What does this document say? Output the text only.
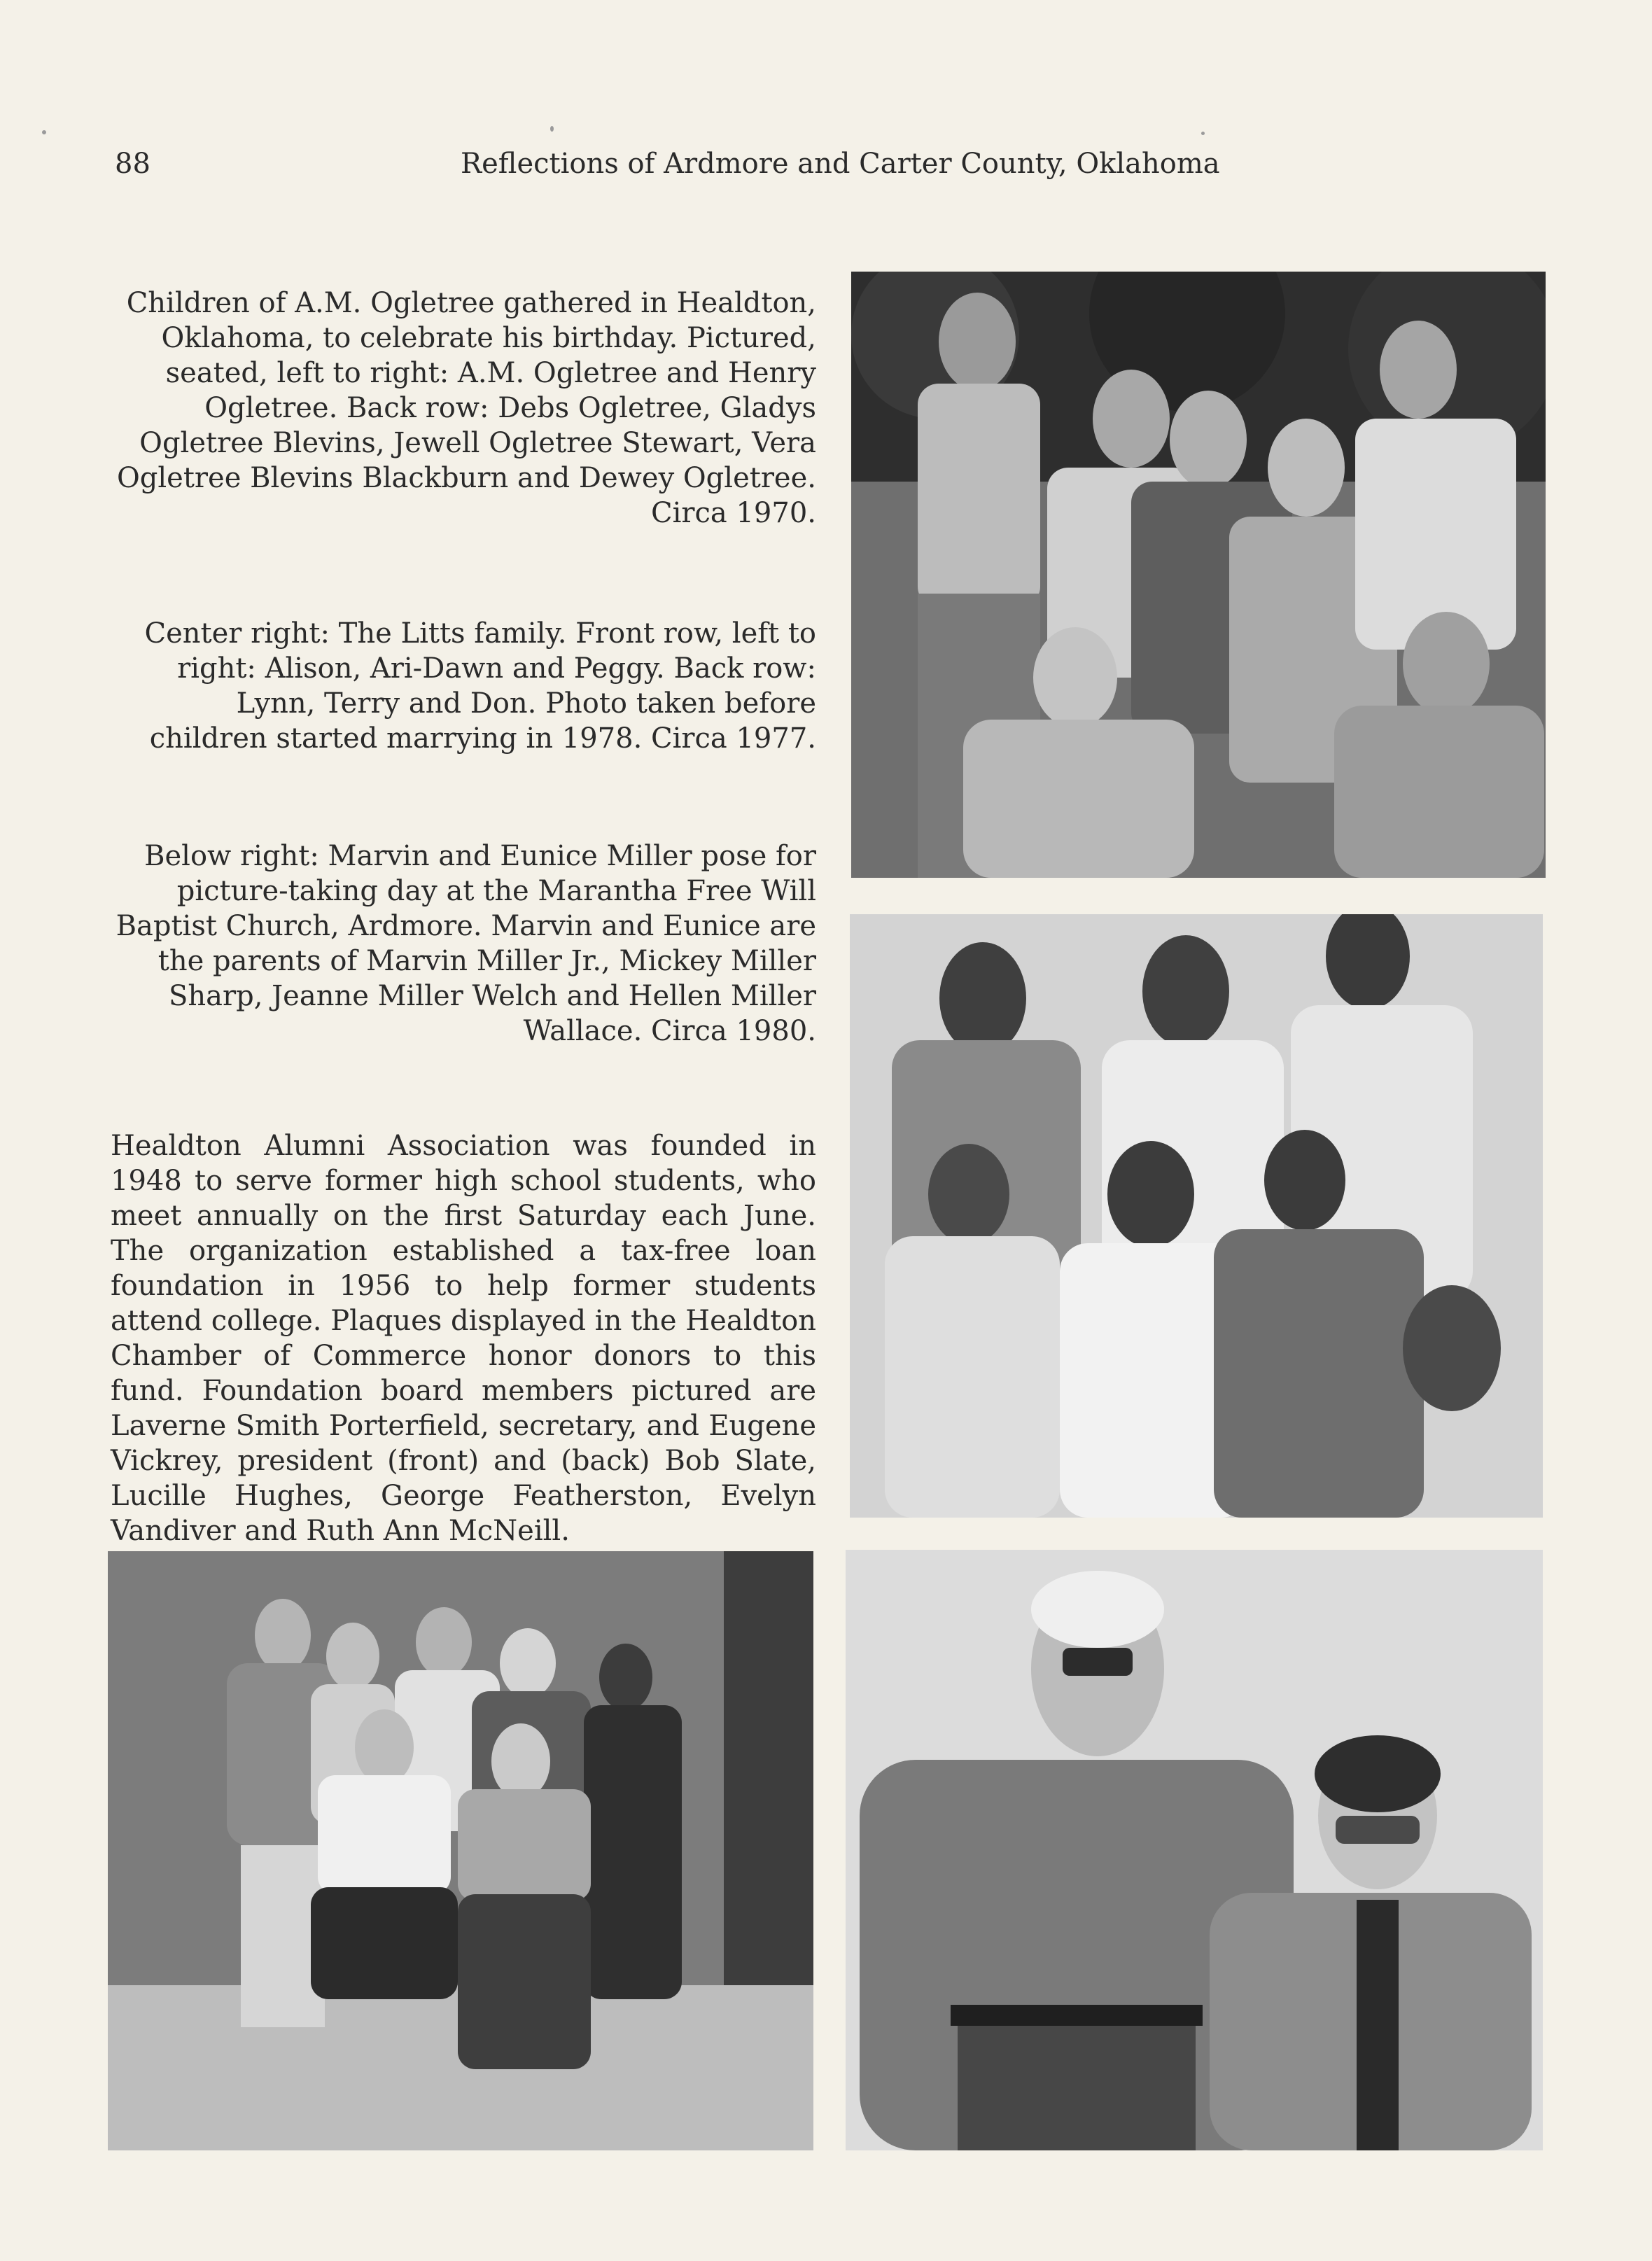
88	Reflections of Ardmore and Carter County, Oklahoma

Children of A.M. Ogletree gathered in Healdton, Oklahoma, to celebrate his birthday. Pictured, seated, left to right: A.M. Ogletree and Henry Ogletree. Back row: Debs Ogletree, Gladys Ogletree Blevins, Jewell Ogletree Stewart, Vera Ogletree Blevins Blackburn and Dewey Ogletree. Circa 1970.

Center right: The Litts family. Front row, left to right: Alison, Ari-Dawn and Peggy. Back row: Lynn, Terry and Don. Photo taken before children started marrying in 1978. Circa 1977.

Below right: Marvin and Eunice Miller pose for picture-taking day at the Marantha Free Will Baptist Church, Ardmore. Marvin and Eunice are the parents of Marvin Miller Jr., Mickey Miller Sharp, Jeanne Miller Welch and Hellen Miller Wallace. Circa 1980.

Healdton Alumni Association was founded in 1948 to serve former high school students, who meet annually on the first Saturday each June. The organization established a tax-free loan foundation in 1956 to help former students attend college. Plaques displayed in the Healdton Chamber of Commerce honor donors to this fund. Foundation board members pictured are Laverne Smith Porterfield, secretary, and Eugene Vickrey, president (front) and (back) Bob Slate, Lucille Hughes, George Featherston, Evelyn Vandiver and Ruth Ann McNeill.
